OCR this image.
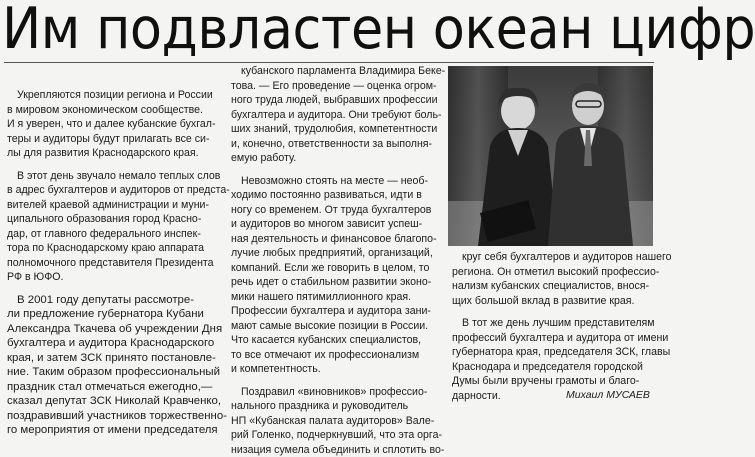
Им подвластен океан цифр

Укрепляются позиции региона и России
в мировом экономическом сообществе.
И я уверен, что и далее кубанские бухгал-
теры и аудиторы будут прилагать все си-
лы для развития Краснодарского края.

В этот день звучало немало теплых слов
в адрес бухгалтеров и аудиторов от предста-
вителей краевой администрации и муни-
ципального образования город Красно-
дар, от главного федерального инспек-
тора по Краснодарскому краю аппарата
полномочного представителя Президента
РФ в ЮФО.

В 2001 году депутаты рассмотре-
ли предложение губернатора Кубани
Александра Ткачева об учреждении Дня
бухгалтера и аудитора Краснодарского
края, и затем ЗСК принято постановле-
ние. Таким образом профессиональный
праздник стал отмечаться ежегодно,—
сказал депутат ЗСК Николай Кравченко,
поздравивший участников торжественно-
го мероприятия от имени председателя

кубанского парламента Владимира Беке-
това. — Его проведение — оценка огром-
ного труда людей, выбравших профессии
бухгалтера и аудитора. Они требуют боль-
ших знаний, трудолюбия, компетентности
и, конечно, ответственности за выполня-
емую работу.

Невозможно стоять на месте — необ-
ходимо постоянно развиваться, идти в
ногу со временем. От труда бухгалтеров
и аудиторов во многом зависит успеш-
ная деятельность и финансовое благопо-
лучие любых предприятий, организаций,
компаний. Если же говорить в целом, то
речь идет о стабильном развитии эконо-
мики нашего пятимиллионного края.
Профессии бухгалтера и аудитора зани-
мают самые высокие позиции в России.
Что касается кубанских специалистов,
то все отмечают их профессионализм
и компетентность.

Поздравил «виновников» профессио-
нального праздника и руководитель
НП «Кубанская палата аудиторов» Вале-
рий Голенко, подчеркнувший, что эта орга-
низация сумела объединить и сплотить во-

круг себя бухгалтеров и аудиторов нашего
региона. Он отметил высокий профессио-
нализм кубанских специалистов, внося-
щих большой вклад в развитие края.

В тот же день лучшим представителям
профессий бухгалтера и аудитора от имени
губернатора края, председателя ЗСК, главы
Краснодара и председателя городской
Думы были вручены грамоты и благо-
дарности.	Михаил МУСАЕВ
